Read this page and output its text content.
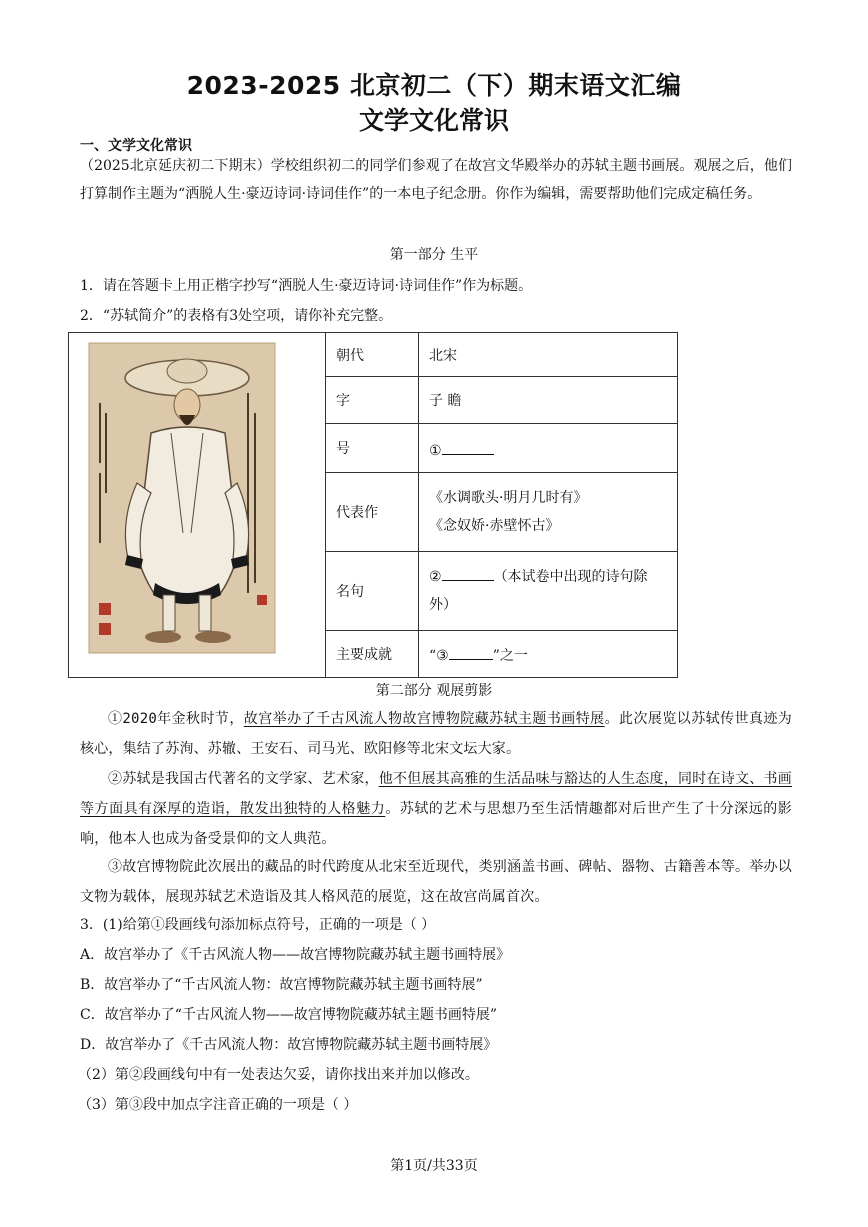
2023-2025 北京初二（下）期末语文汇编
文学文化常识
一、文学文化常识
（2025北京延庆初二下期末）学校组织初二的同学们参观了在故宫文华殿举办的苏轼主题书画展。观展之后，他们打算制作主题为“洒脱人生·豪迈诗词·诗词佳作”的一本电子纪念册。你作为编辑，需要帮助他们完成定稿任务。
第一部分 生平
1．请在答题卡上用正楷字抄写“洒脱人生·豪迈诗词·诗词佳作”作为标题。
2．“苏轼简介”的表格有3处空项，请你补充完整。
	朝代	北宋
	字	子 瞻
	号	①
	代表作	《水调歌头·明月几时有》
《念奴娇·赤壁怀古》

	名句	② （本试卷中出现的诗句除外）
	主要成就	“③ ”之一
第二部分 观展剪影
①2020年金秋时节，故宫举办了千古风流人物故宫博物院藏苏轼主题书画特展。此次展览以苏轼传世真迹为核心，集结了苏洵、苏辙、王安石、司马光、欧阳修等北宋文坛大家。
②苏轼是我国古代著名的文学家、艺术家，他不但展其高雅的生活品味与豁达的人生态度，同时在诗文、书画等方面具有深厚的造诣，散发出独特的人格魅力。苏轼的艺术与思想乃至生活情趣都对后世产生了十分深远的影响，他本人也成为备受景仰的文人典范。
③故宫博物院此次展出的藏品的时代跨度从北宋至近现代，类别涵盖书画、碑帖、器物、古籍善本等。举办以文物为载体，展现苏轼艺术造诣及其人格风范的展览，这在故宫尚属首次。
3．(1)给第①段画线句添加标点符号，正确的一项是（ ）
A．故宫举办了《千古风流人物——故宫博物院藏苏轼主题书画特展》
B．故宫举办了“千古风流人物：故宫博物院藏苏轼主题书画特展”
C．故宫举办了“千古风流人物——故宫博物院藏苏轼主题书画特展”
D．故宫举办了《千古风流人物：故宫博物院藏苏轼主题书画特展》
（2）第②段画线句中有一处表达欠妥，请你找出来并加以修改。
（3）第③段中加点字注音正确的一项是（ ）
第1页/共33页
